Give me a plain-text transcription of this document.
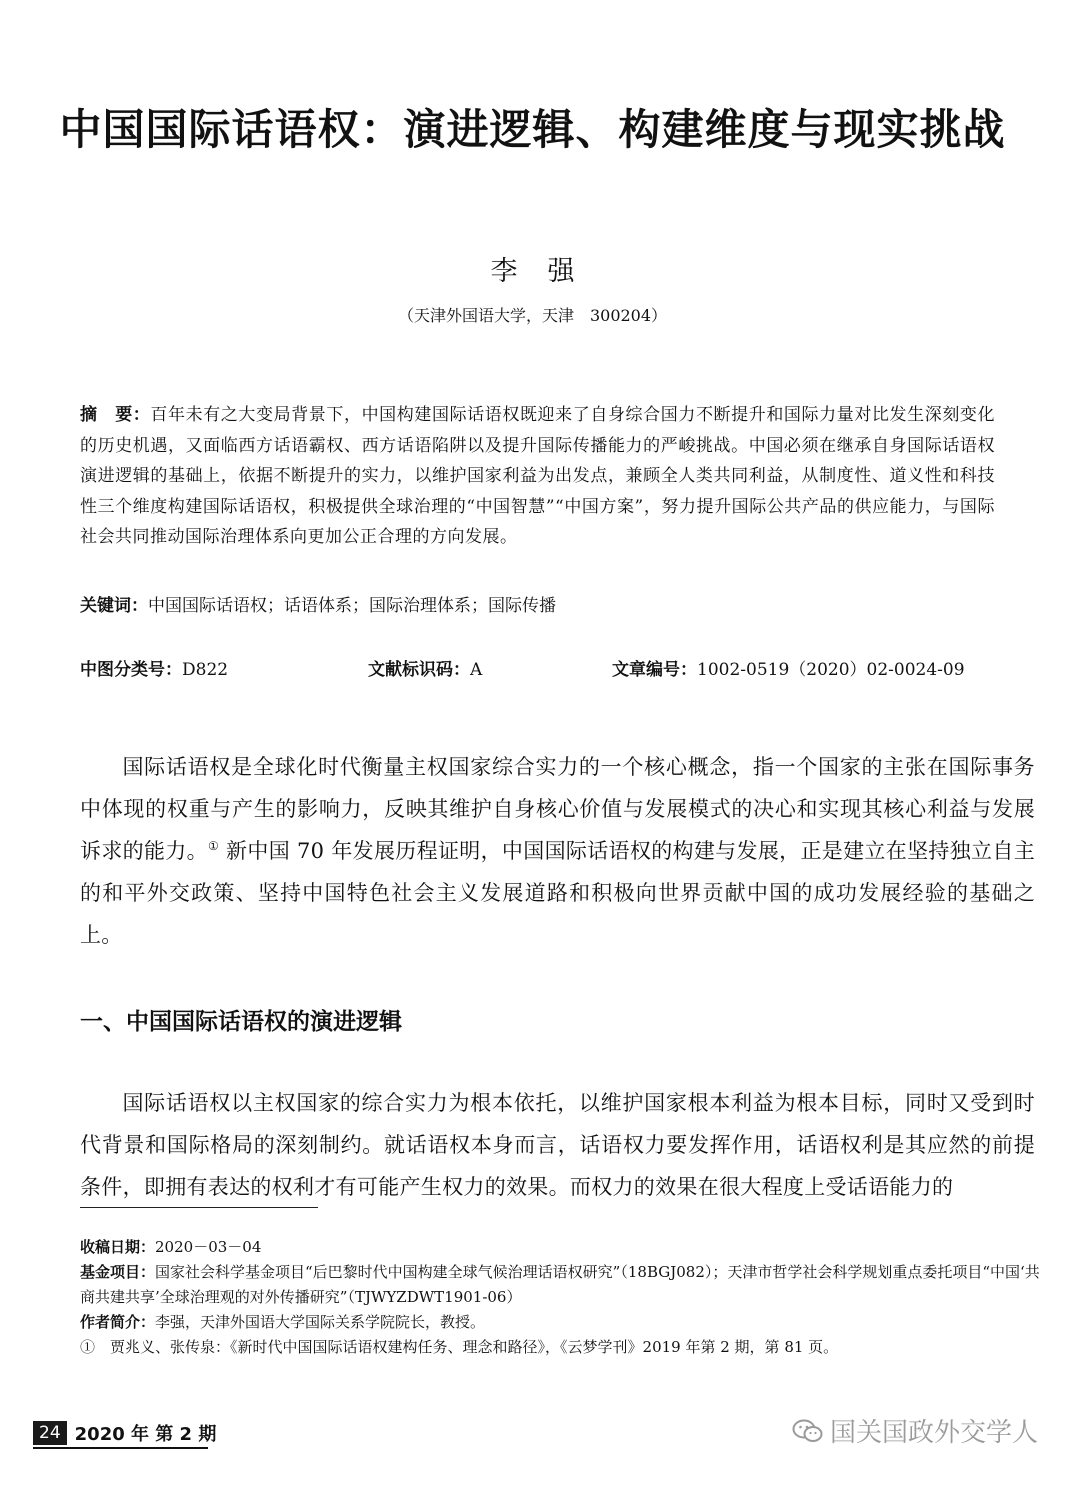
中国国际话语权：演进逻辑、构建维度与现实挑战
李强
（天津外国语大学，天津　300204）
摘　要：百年未有之大变局背景下，中国构建国际话语权既迎来了自身综合国力不断提升和国际力量对比发生深刻变化的历史机遇，又面临西方话语霸权、西方话语陷阱以及提升国际传播能力的严峻挑战。中国必须在继承自身国际话语权演进逻辑的基础上，依据不断提升的实力，以维护国家利益为出发点，兼顾全人类共同利益，从制度性、道义性和科技性三个维度构建国际话语权，积极提供全球治理的“中国智慧”“中国方案”，努力提升国际公共产品的供应能力，与国际社会共同推动国际治理体系向更加公正合理的方向发展。
关键词：中国国际话语权；话语体系；国际治理体系；国际传播
中图分类号：D822	文献标识码：A	文章编号：1002-0519（2020）02-0024-09
国际话语权是全球化时代衡量主权国家综合实力的一个核心概念，指一个国家的主张在国际事务中体现的权重与产生的影响力，反映其维护自身核心价值与发展模式的决心和实现其核心利益与发展诉求的能力。① 新中国 70 年发展历程证明，中国国际话语权的构建与发展，正是建立在坚持独立自主的和平外交政策、坚持中国特色社会主义发展道路和积极向世界贡献中国的成功发展经验的基础之上。
一、中国国际话语权的演进逻辑
国际话语权以主权国家的综合实力为根本依托，以维护国家根本利益为根本目标，同时又受到时代背景和国际格局的深刻制约。就话语权本身而言，话语权力要发挥作用，话语权利是其应然的前提条件，即拥有表达的权利才有可能产生权力的效果。而权力的效果在很大程度上受话语能力的
收稿日期：2020－03－04
基金项目：国家社会科学基金项目“后巴黎时代中国构建全球气候治理话语权研究”（18BGJ082）；天津市哲学社会科学规划重点委托项目“中国‘共商共建共享’全球治理观的对外传播研究”（TJWYZDWT1901-06）
作者简介：李强，天津外国语大学国际关系学院院长，教授。
①　 贾兆义、张传泉：《新时代中国国际话语权建构任务、理念和路径》，《云梦学刊》2019 年第 2 期，第 81 页。
24 2020 年 第 2 期	国关国政外交学人
